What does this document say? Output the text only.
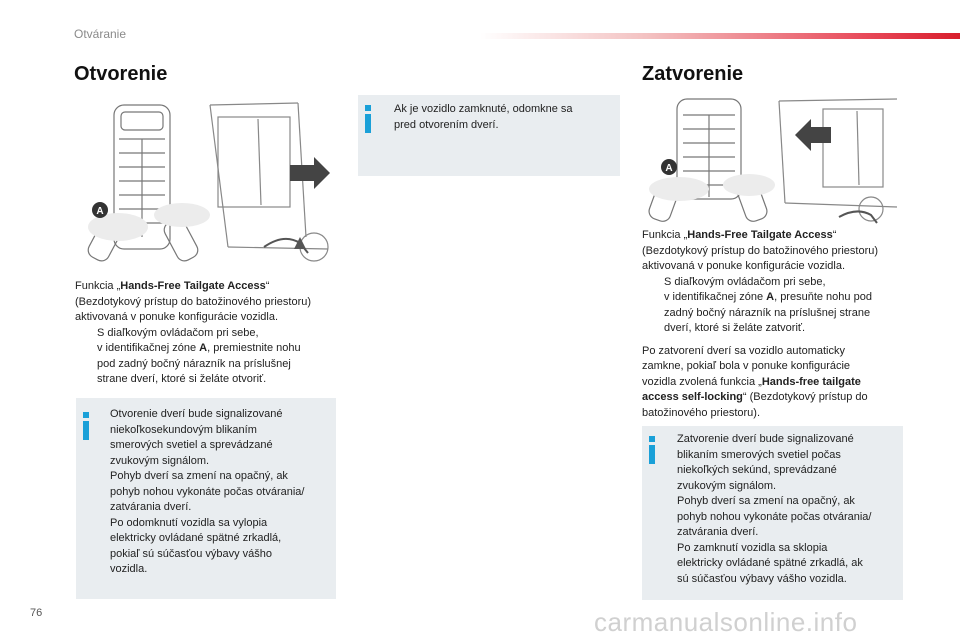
Otváranie
Otvorenie
A

Funkcia „Hands-Free Tailgate Access“

(Bezdotykový prístup do batožinového priestoru)

aktivovaná v ponuke konfigurácie vozidla.

S diaľkovým ovládačom pri sebe,

v identifikačnej zóne A, premiestnite nohu

pod zadný bočný nárazník na príslušnej

strane dverí, ktoré si želáte otvoriť.

Otvorenie dverí bude signalizované
niekoľkosekundovým blikaním
smerových svetiel a sprevádzané
zvukovým signálom.
Pohyb dverí sa zmení na opačný, ak
pohyb nohou vykonáte počas otvárania/
zatvárania dverí.
Po odomknutí vozidla sa vylopia
elektricky ovládané spätné zrkadlá,
pokiaľ sú súčasťou výbavy vášho
vozidla.
Ak je vozidlo zamknuté, odomkne sa
pred otvorením dverí.
Zatvorenie
A

Funkcia „Hands-Free Tailgate Access“

(Bezdotykový prístup do batožinového priestoru)

aktivovaná v ponuke konfigurácie vozidla.

S diaľkovým ovládačom pri sebe,

v identifikačnej zóne A, presuňte nohu pod

zadný bočný nárazník na príslušnej strane

dverí, ktoré si želáte zatvoriť.

Po zatvorení dverí sa vozidlo automaticky

zamkne, pokiaľ bola v ponuke konfigurácie

vozidla zvolená funkcia „Hands-free tailgate

access self-locking“ (Bezdotykový prístup do

batožinového priestoru).

Zatvorenie dverí bude signalizované
blikaním smerových svetiel počas
niekoľkých sekúnd, sprevádzané
zvukovým signálom.
Pohyb dverí sa zmení na opačný, ak
pohyb nohou vykonáte počas otvárania/
zatvárania dverí.
Po zamknutí vozidla sa sklopia
elektricky ovládané spätné zrkadlá, ak
sú súčasťou výbavy vášho vozidla.
76	carmanualsonline.info
